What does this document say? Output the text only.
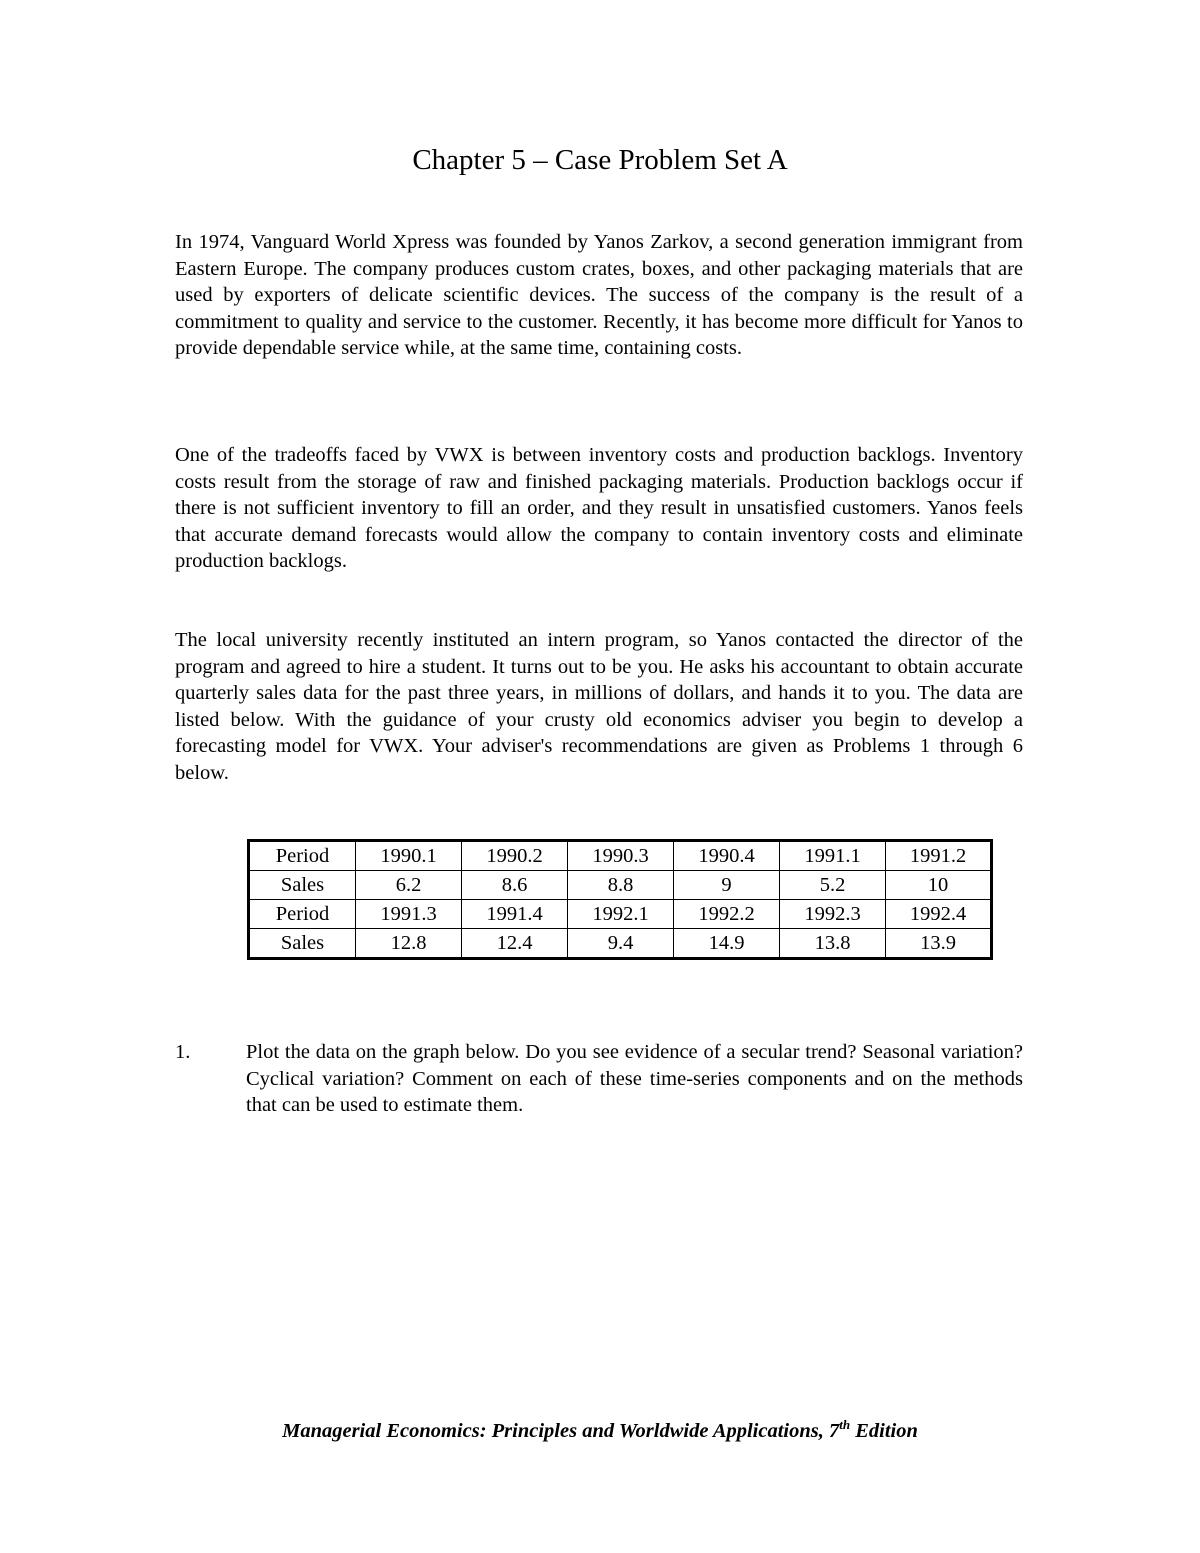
Chapter 5 – Case Problem Set A

In 1974, Vanguard World Xpress was founded by Yanos Zarkov, a second generation immigrant from Eastern Europe. The company produces custom crates, boxes, and other packaging materials that are used by exporters of delicate scientific devices. The success of the company is the result of a commitment to quality and service to the customer. Recently, it has become more difficult for Yanos to provide dependable service while, at the same time, containing costs.

One of the tradeoffs faced by VWX is between inventory costs and production backlogs. Inventory costs result from the storage of raw and finished packaging materials. Production backlogs occur if there is not sufficient inventory to fill an order, and they result in unsatisfied customers. Yanos feels that accurate demand forecasts would allow the company to contain inventory costs and eliminate production backlogs.

The local university recently instituted an intern program, so Yanos contacted the director of the program and agreed to hire a student. It turns out to be you. He asks his accountant to obtain accurate quarterly sales data for the past three years, in millions of dollars, and hands it to you. The data are listed below. With the guidance of your crusty old economics adviser you begin to develop a forecasting model for VWX. Your adviser's recommendations are given as Problems 1 through 6 below.

Period	1990.1	1990.2	1990.3	1990.4	1991.1	1991.2
Sales	6.2	8.6	8.8	9	5.2	10
Period	1991.3	1991.4	1992.1	1992.2	1992.3	1992.4
Sales	12.8	12.4	9.4	14.9	13.8	13.9
1.	Plot the data on the graph below. Do you see evidence of a secular trend? Seasonal variation? Cyclical variation? Comment on each of these time-series components and on the methods that can be used to estimate them.

Managerial Economics: Principles and Worldwide Applications, 7th Edition
